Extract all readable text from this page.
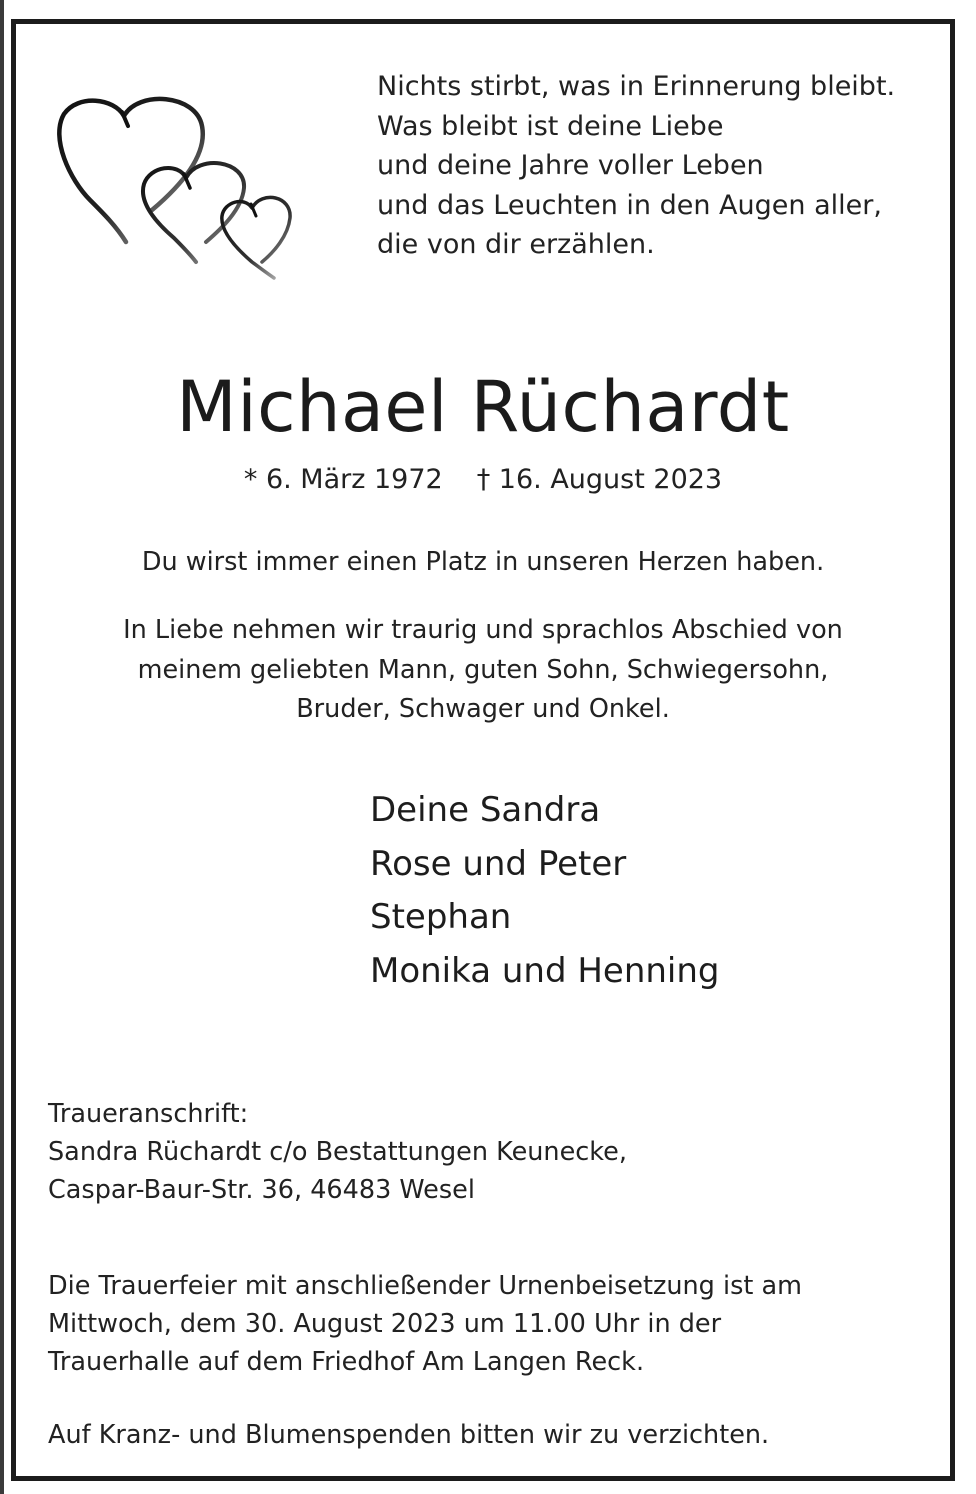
Nichts stirbt, was in Erinnerung bleibt.
Was bleibt ist deine Liebe
und deine Jahre voller Leben
und das Leuchten in den Augen aller,
die von dir erzählen.
Michael Rüchardt
* 6. März 1972 † 16. August 2023
Du wirst immer einen Platz in unseren Herzen haben.
In Liebe nehmen wir traurig und sprachlos Abschied von
meinem geliebten Mann, guten Sohn, Schwiegersohn,
Bruder, Schwager und Onkel.
Deine Sandra
Rose und Peter
Stephan
Monika und Henning
Traueranschrift:
Sandra Rüchardt c/o Bestattungen Keunecke,
Caspar-Baur-Str. 36, 46483 Wesel
Die Trauerfeier mit anschließender Urnenbeisetzung ist am
Mittwoch, dem 30. August 2023 um 11.00 Uhr in der
Trauerhalle auf dem Friedhof Am Langen Reck.
Auf Kranz- und Blumenspenden bitten wir zu verzichten.
